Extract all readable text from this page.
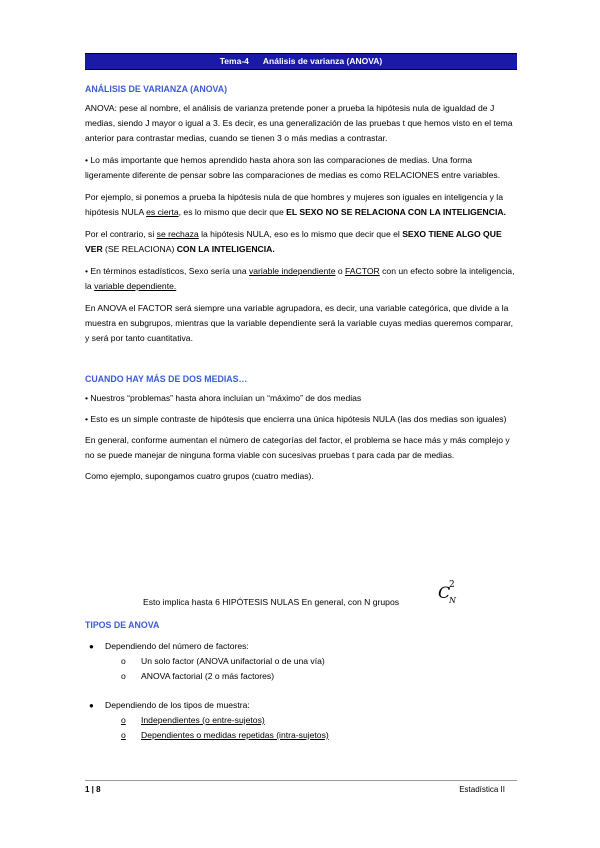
Tema-4 Análisis de varianza (ANOVA)
ANÁLISIS DE VARIANZA (ANOVA)

ANOVA: pese al nombre, el análisis de varianza pretende poner a prueba la hipótesis nula de igualdad de J medias, siendo J mayor o igual a 3. Es decir, es una generalización de las pruebas t que hemos visto en el tema anterior para contrastar medias, cuando se tienen 3 o más medias a contrastar.

• Lo más importante que hemos aprendido hasta ahora son las comparaciones de medias. Una forma ligeramente diferente de pensar sobre las comparaciones de medias es como RELACIONES entre variables.

Por ejemplo, si ponemos a prueba la hipótesis nula de que hombres y mujeres son iguales en inteligencia y la hipótesis NULA es cierta, es lo mismo que decir que EL SEXO NO SE RELACIONA CON LA INTELIGENCIA.

Por el contrario, si se rechaza la hipótesis NULA, eso es lo mismo que decir que el SEXO TIENE ALGO QUE VER (SE RELACIONA) CON LA INTELIGENCIA.

• En términos estadísticos, Sexo sería una variable independiente o FACTOR con un efecto sobre la inteligencia, la variable dependiente.

En ANOVA el FACTOR será siempre una variable agrupadora, es decir, una variable categórica, que divide a la muestra en subgrupos, mientras que la variable dependiente será la variable cuyas medias queremos comparar, y será por tanto cuantitativa.

CUANDO HAY MÁS DE DOS MEDIAS…

• Nuestros “problemas” hasta ahora incluían un “máximo” de dos medias

• Esto es un simple contraste de hipótesis que encierra una única hipótesis NULA (las dos medias son iguales)

En general, conforme aumentan el número de categorías del factor, el problema se hace más y más complejo y no se puede manejar de ninguna forma viable con sucesivas pruebas t para cada par de medias.

Como ejemplo, supongamos cuatro grupos (cuatro medias).

Esto implica hasta 6 HIPÓTESIS NULAS En general, con N grupos C
2
N
TIPOS DE ANOVA
● Dependiendo del número de factores:
o Un solo factor (ANOVA unifactorial o de una vía)
o ANOVA factorial (2 o más factores)
● Dependiendo de los tipos de muestra:
o Independientes (o entre-sujetos)
o Dependientes o medidas repetidas (intra-sujetos)
1 | 8	Estadística II
